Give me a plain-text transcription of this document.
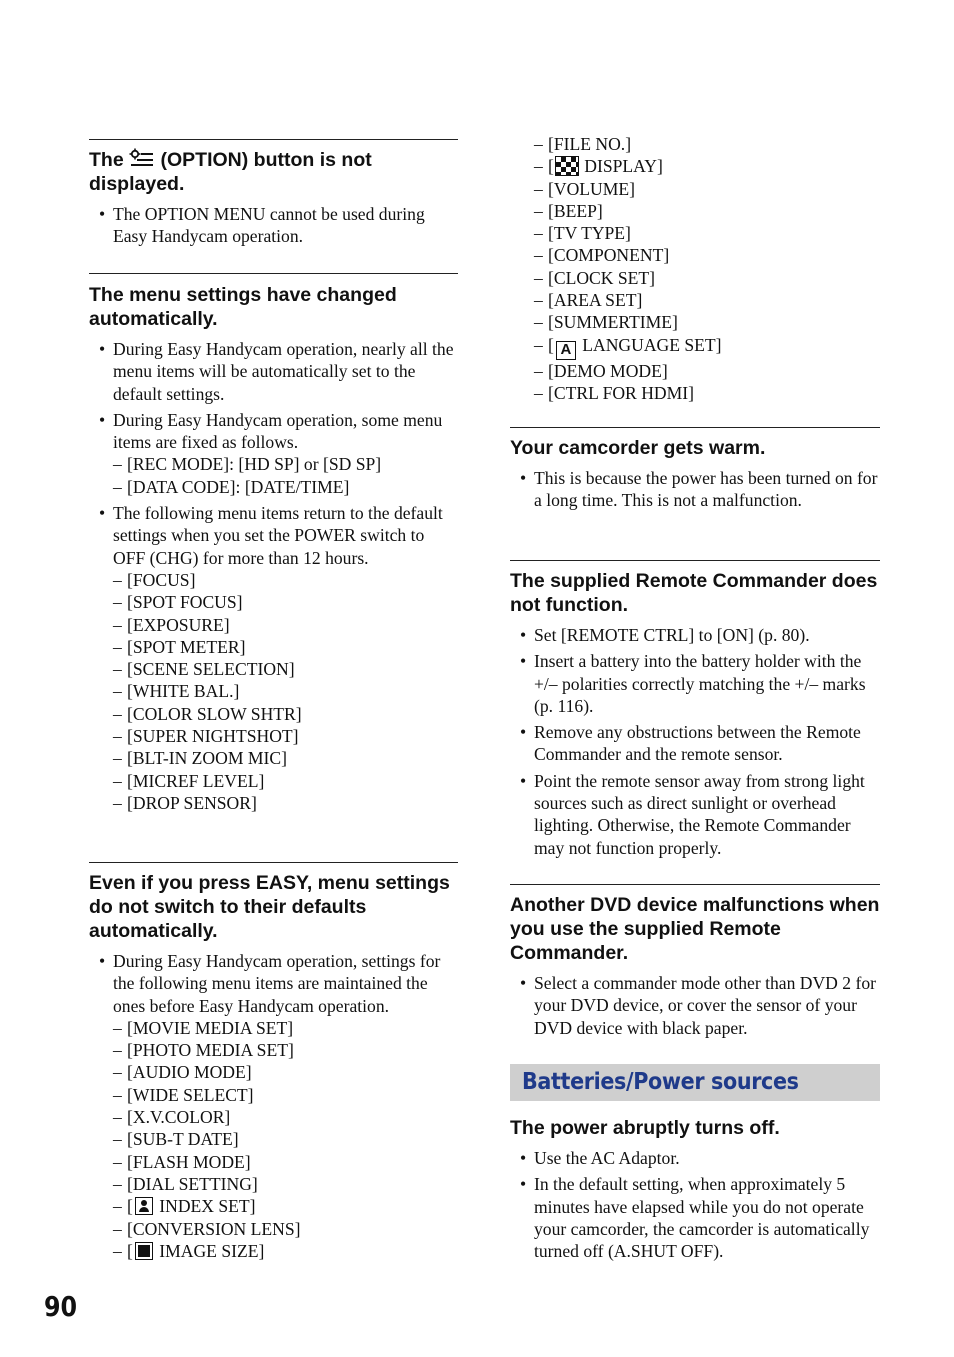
The (OPTION) button is not displayed.
• The OPTION MENU cannot be used during Easy Handycam operation.
The menu settings have changed automatically.
• During Easy Handycam operation, nearly all the menu items will be automatically set to the default settings.
• During Easy Handycam operation, some menu items are fixed as follows.
– [REC MODE]: [HD SP] or [SD SP]
– [DATA CODE]: [DATE/TIME]
• The following menu items return to the default settings when you set the POWER switch to OFF (CHG) for more than 12 hours.
– [FOCUS]
– [SPOT FOCUS]
– [EXPOSURE]
– [SPOT METER]
– [SCENE SELECTION]
– [WHITE BAL.]
– [COLOR SLOW SHTR]
– [SUPER NIGHTSHOT]
– [BLT-IN ZOOM MIC]
– [MICREF LEVEL]
– [DROP SENSOR]
Even if you press EASY, menu settings do not switch to their defaults automatically.
• During Easy Handycam operation, settings for the following menu items are maintained the ones before Easy Handycam operation.
– [MOVIE MEDIA SET]
– [PHOTO MEDIA SET]
– [AUDIO MODE]
– [WIDE SELECT]
– [X.V.COLOR]
– [SUB-T DATE]
– [FLASH MODE]
– [DIAL SETTING]
– [ INDEX SET]
– [CONVERSION LENS]
– [ IMAGE SIZE]
– [FILE NO.]
– [ DISPLAY]
– [VOLUME]
– [BEEP]
– [TV TYPE]
– [COMPONENT]
– [CLOCK SET]
– [AREA SET]
– [SUMMERTIME]
– [ A LANGUAGE SET]
– [DEMO MODE]
– [CTRL FOR HDMI]
Your camcorder gets warm.
• This is because the power has been turned on for a long time. This is not a malfunction.
The supplied Remote Commander does not function.
• Set [REMOTE CTRL] to [ON] (p. 80).
• Insert a battery into the battery holder with the +/– polarities correctly matching the +/– marks (p. 116).
• Remove any obstructions between the Remote Commander and the remote sensor.
• Point the remote sensor away from strong light sources such as direct sunlight or overhead lighting. Otherwise, the Remote Commander may not function properly.
Another DVD device malfunctions when you use the supplied Remote Commander.
• Select a commander mode other than DVD 2 for your DVD device, or cover the sensor of your DVD device with black paper.
The power abruptly turns off.
• Use the AC Adaptor.
• In the default setting, when approximately 5 minutes have elapsed while you do not operate your camcorder, the camcorder is automatically turned off (A.SHUT OFF).
Batteries/Power sources
90
